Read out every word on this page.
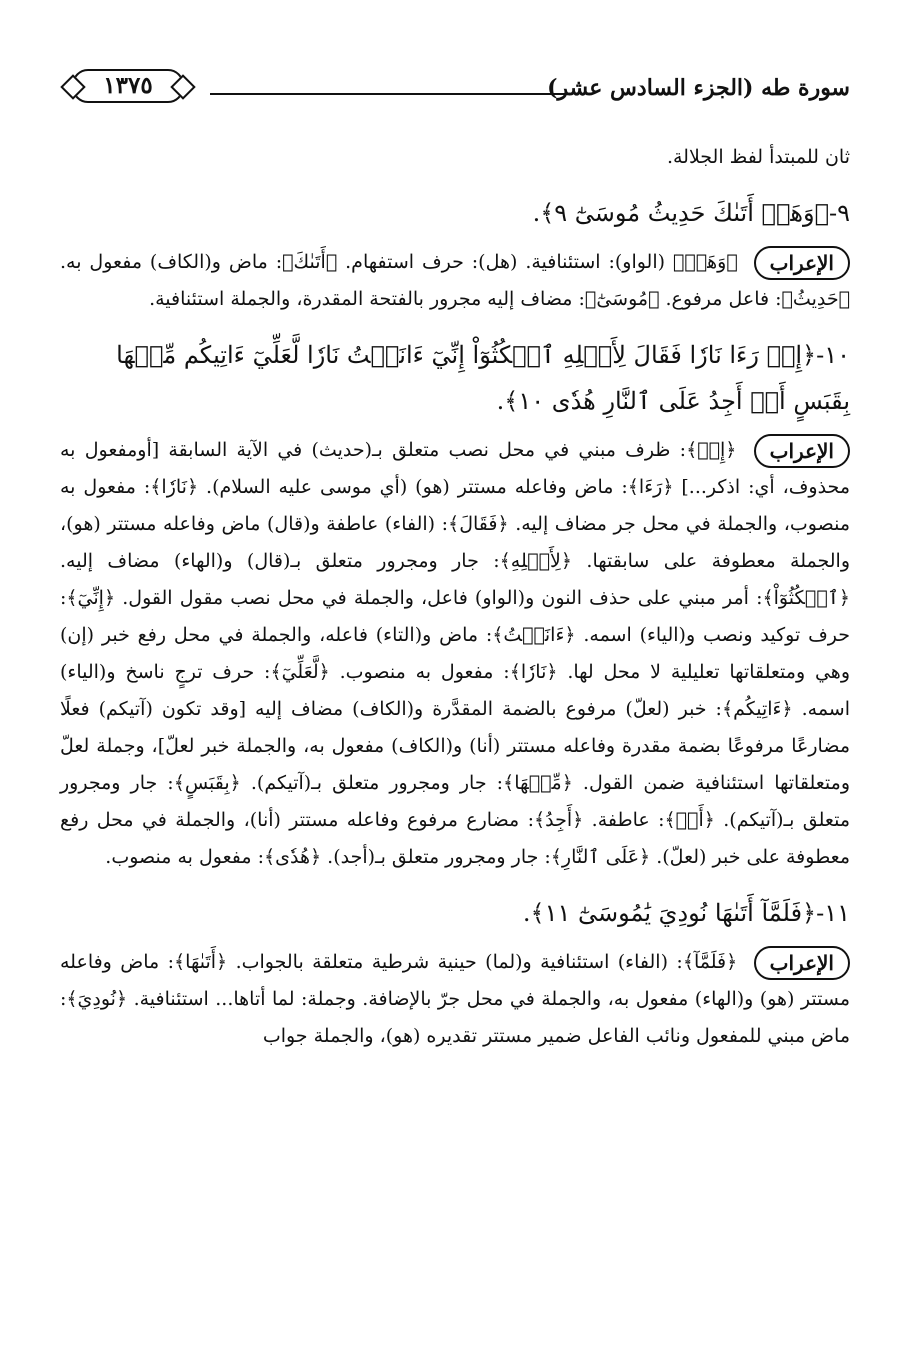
سورة طه (الجزء السادس عشر)
١٣٧٥

ثان للمبتدأ لفظ الجلالة.

٩-﴿وَهَلۡ أَتَىٰكَ حَدِيثُ مُوسَىٰٓ ٩﴾.

الإعراب ﴿وَهَلۡ﴾ (الواو): استئنافية. (هل): حرف استفهام. ﴿أَتَىٰكَ﴾: ماض و(الكاف) مفعول به. ﴿حَدِيثُ﴾: فاعل مرفوع. ﴿مُوسَىٰٓ﴾: مضاف إليه مجرور بالفتحة المقدرة، والجملة استئنافية.

١٠-﴿إِذۡ رَءَا نَارٗا فَقَالَ لِأَهۡلِهِ ٱمۡكُثُوٓاْ إِنِّيٓ ءَانَسۡتُ نَارٗا لَّعَلِّيٓ ءَاتِيكُم مِّنۡهَا بِقَبَسٍ أَوۡ أَجِدُ عَلَى ٱلنَّارِ هُدٗى ١٠﴾.

الإعراب ﴿إِذۡ﴾: ظرف مبني في محل نصب متعلق بـ(حديث) في الآية السابقة [أومفعول به محذوف، أي: اذكر...] ﴿رَءَا﴾: ماض وفاعله مستتر (هو) (أي موسى عليه السلام). ﴿نَارٗا﴾: مفعول به منصوب، والجملة في محل جر مضاف إليه. ﴿فَقَالَ﴾: (الفاء) عاطفة و(قال) ماض وفاعله مستتر (هو)، والجملة معطوفة على سابقتها. ﴿لِأَهۡلِهِ﴾: جار ومجرور متعلق بـ(قال) و(الهاء) مضاف إليه. ﴿ٱمۡكُثُوٓاْ﴾: أمر مبني على حذف النون و(الواو) فاعل، والجملة في محل نصب مقول القول. ﴿إِنِّيٓ﴾: حرف توكيد ونصب و(الياء) اسمه. ﴿ءَانَسۡتُ﴾: ماض و(التاء) فاعله، والجملة في محل رفع خبر (إن) وهي ومتعلقاتها تعليلية لا محل لها. ﴿نَارٗا﴾: مفعول به منصوب. ﴿لَّعَلِّيٓ﴾: حرف ترجٍ ناسخ و(الياء) اسمه. ﴿ءَاتِيكُم﴾: خبر (لعلّ) مرفوع بالضمة المقدَّرة و(الكاف) مضاف إليه [وقد تكون (آتيكم) فعلًا مضارعًا مرفوعًا بضمة مقدرة وفاعله مستتر (أنا) و(الكاف) مفعول به، والجملة خبر لعلّ]، وجملة لعلّ ومتعلقاتها استئنافية ضمن القول. ﴿مِّنۡهَا﴾: جار ومجرور متعلق بـ(آتيكم). ﴿بِقَبَسٍ﴾: جار ومجرور متعلق بـ(آتيكم). ﴿أَوۡ﴾: عاطفة. ﴿أَجِدُ﴾: مضارع مرفوع وفاعله مستتر (أنا)، والجملة في محل رفع معطوفة على خبر (لعلّ). ﴿عَلَى ٱلنَّارِ﴾: جار ومجرور متعلق بـ(أجد). ﴿هُدٗى﴾: مفعول به منصوب.

١١-﴿فَلَمَّآ أَتَىٰهَا نُودِيَ يَٰمُوسَىٰٓ ١١﴾.

الإعراب ﴿فَلَمَّآ﴾: (الفاء) استئنافية و(لما) حينية شرطية متعلقة بالجواب. ﴿أَتَىٰهَا﴾: ماض وفاعله مستتر (هو) و(الهاء) مفعول به، والجملة في محل جرّ بالإضافة. وجملة: لما أتاها... استئنافية. ﴿نُودِيَ﴾: ماض مبني للمفعول ونائب الفاعل ضمير مستتر تقديره (هو)، والجملة جواب
